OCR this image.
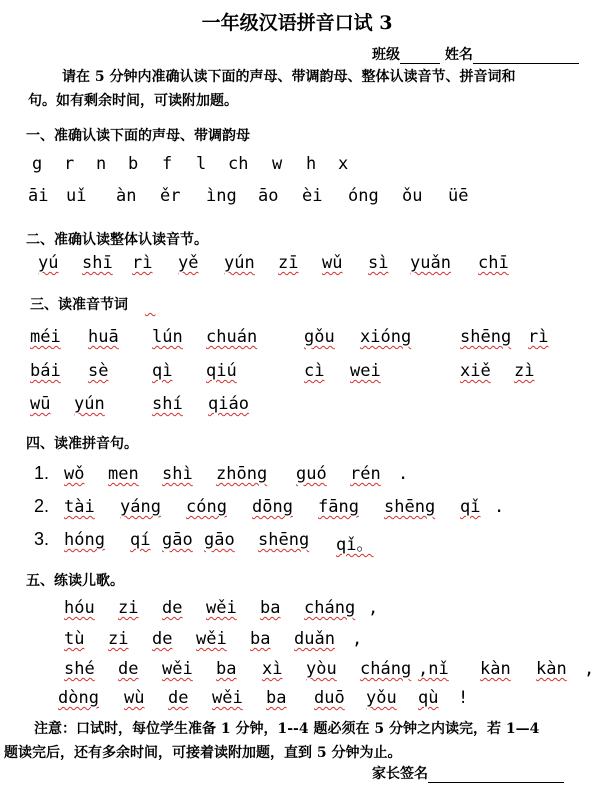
一年级汉语拼音口试 3
班级	姓名
请在 5 分钟内准确认读下面的声母、带调韵母、整体认读音节、拼音词和
句。如有剩余时间，可读附加题。
一、准确认读下面的声母、带调韵母
g r n b f l ch w h x
āi uǐ àn ěr ìng āo èi óng ǒu üē
二、准确认读整体认读音节。
yú shī rì yě yún zī wǔ sì yuǎn chī
三、读准音节词    
méi huā lún chuán	gǒu xióng	shēng rì
bái sè	qì qiú	cì wei	xiě zì
wū yún	shí qiáo
四、读准拼音句。
1. wǒ men shì zhōng guó rén .
2. tài yáng cóng dōng fāng shēng qǐ .
3. hóng qí gāo gāo shēng qǐ。
五、练读儿歌。
hóu zi de wěi ba cháng ,
tù zi de wěi ba duǎn ,
shé de wěi ba xì yòu cháng ,nǐ kàn kàn ,
dòng wù de wěi ba duō yǒu qù !
注意：口试时，每位学生准备 1 分钟，1--4 题必须在 5 分钟之内读完，若 1—4
题读完后，还有多余时间，可接着读附加题，直到 5 分钟为止。
家长签名
